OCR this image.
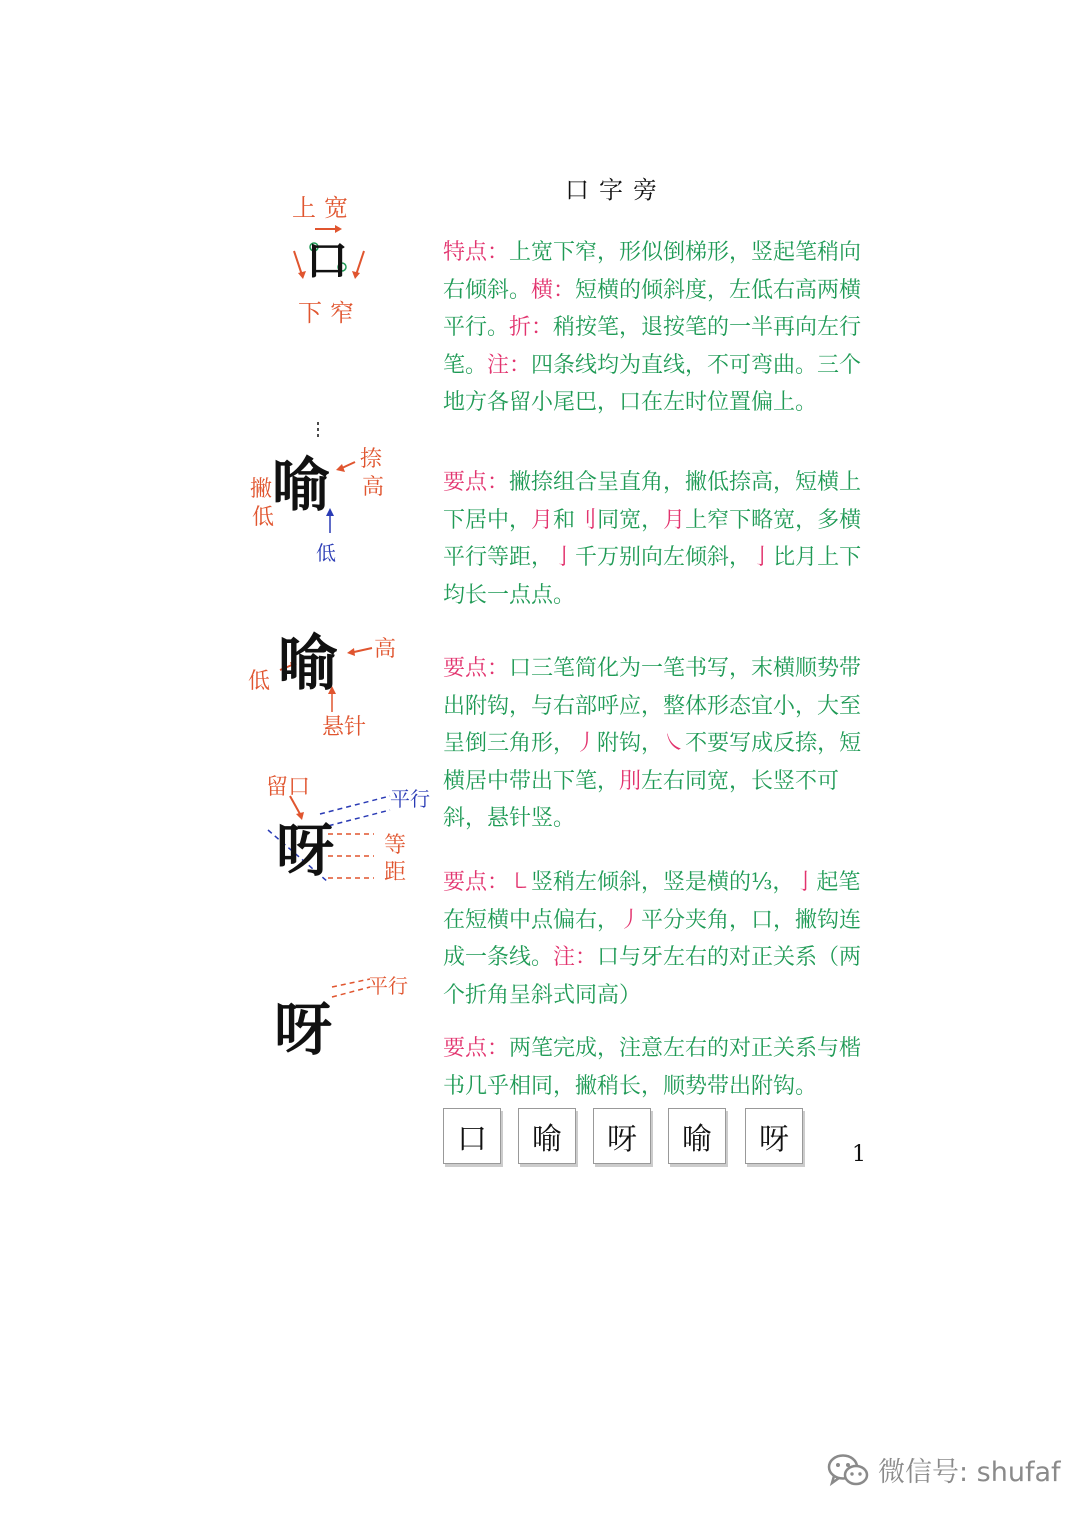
口字旁
上宽
口
下窄
喻
撇
低
捺
高
低
喻
低
高
悬针
留口
呀
平行
等
距
呀
平行
特点：上宽下窄，形似倒梯形，竖起笔稍向右倾斜。横：短横的倾斜度，左低右高两横平行。折：稍按笔，退按笔的一半再向左行笔。注：四条线均为直线，不可弯曲。三个地方各留小尾巴，口在左时位置偏上。
要点：撇捺组合呈直角，撇低捺高，短横上下居中，月和刂同宽，月上窄下略宽，多横平行等距，亅千万别向左倾斜，亅比月上下均长一点点。
要点：口三笔简化为一笔书写，末横顺势带出附钩，与右部呼应，整体形态宜小，大至呈倒三角形，丿附钩，㇏不要写成反捺，短横居中带出下笔，刖左右同宽，长竖不可斜，悬针竖。
要点：㇄竖稍左倾斜，竖是横的⅓，亅起笔在短横中点偏右，丿平分夹角，口，撇钩连成一条线。注：口与牙左右的对正关系（两个折角呈斜式同高）
要点：两笔完成，注意左右的对正关系与楷书几乎相同，撇稍长，顺势带出附钩。
口	喻	呀	喻	呀	1
微信号: shufaf
